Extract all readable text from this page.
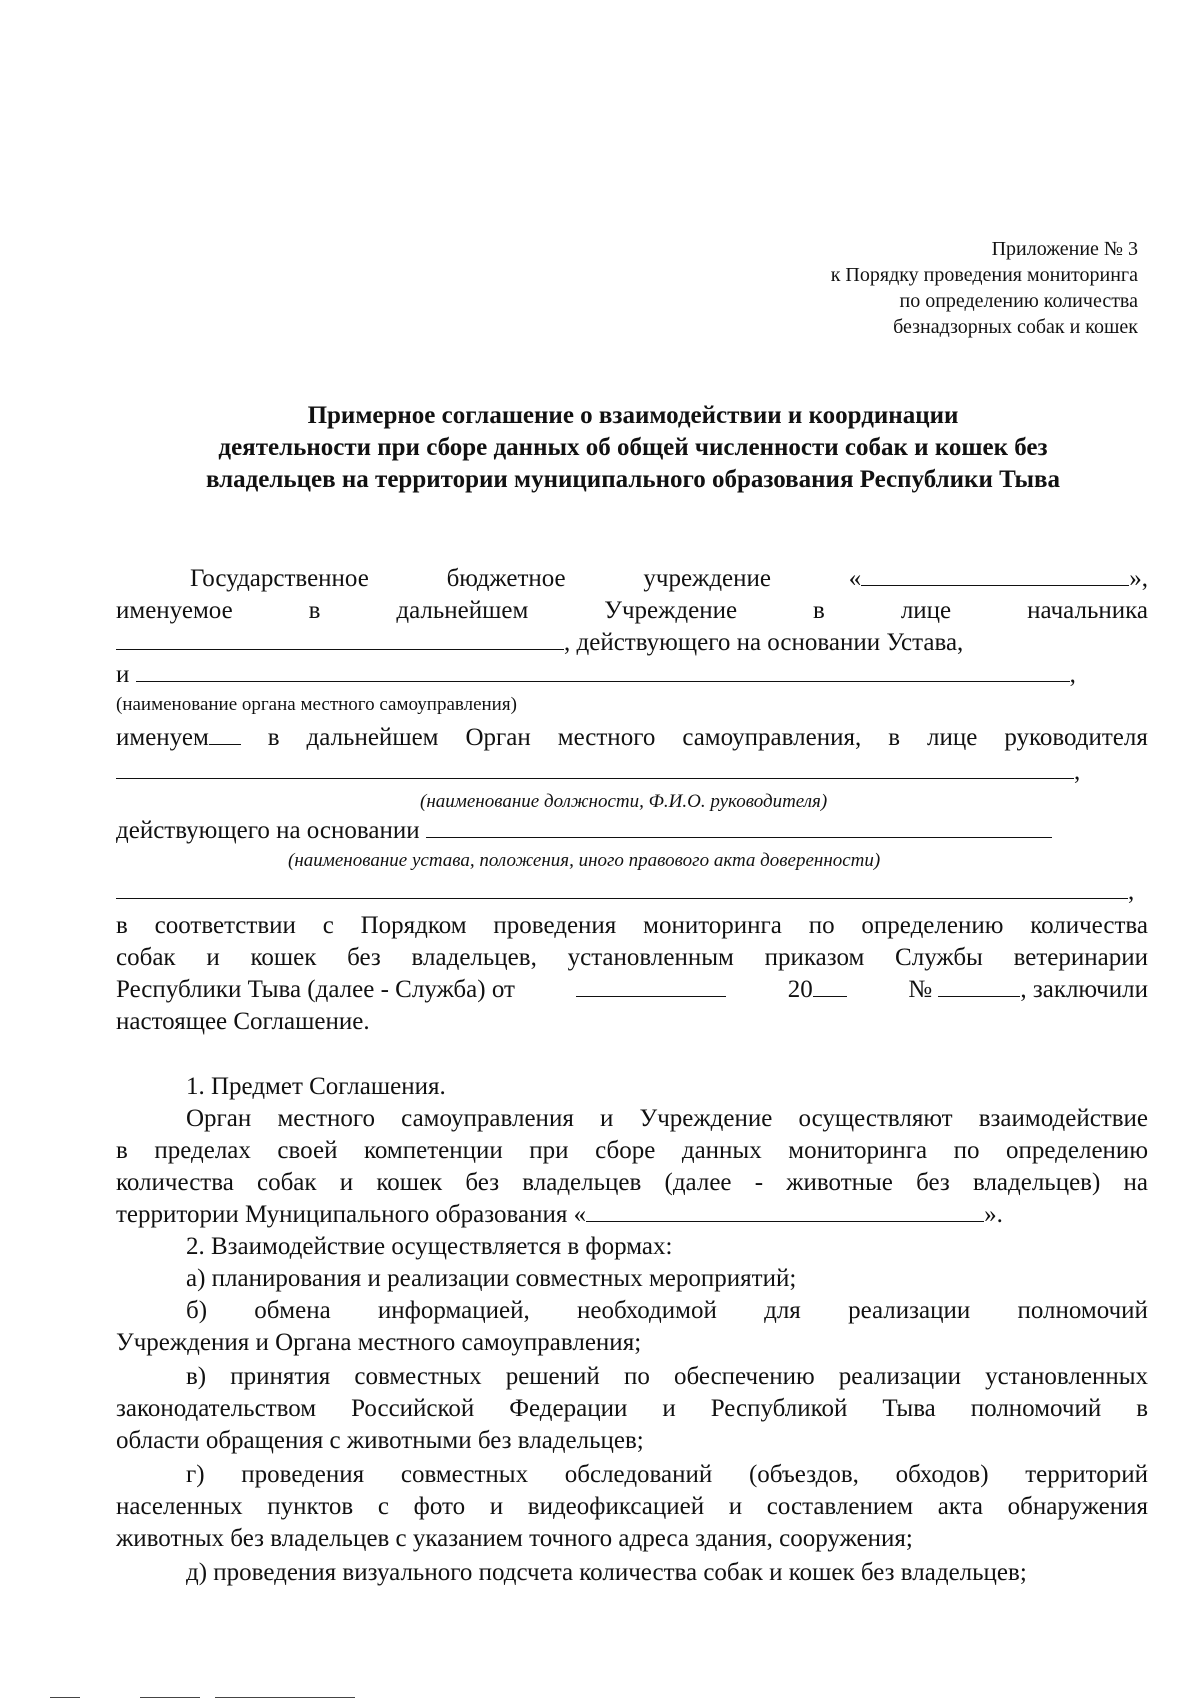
Приложение № 3
к Порядку проведения мониторинга
по определению количества
безнадзорных собак и кошек
Примерное соглашение о взаимодействии и координации
деятельности при сборе данных об общей численности собак и кошек без
владельцев на территории муниципального образования Республики Тыва
Государственное	бюджетное	учреждение	«	»,
именуемое	в	дальнейшем	Учреждение	в	лице	начальника
, действующего на основании Устава,
и	,
(наименование органа местного самоуправления)
именуем	в дальнейшем Орган местного самоуправления, в лице руководителя
,
(наименование должности, Ф.И.О. руководителя)
действующего на основании
(наименование устава, положения, иного правового акта доверенности)
,
в соответствии с Порядком проведения мониторинга по определению количества
собак и кошек без владельцев, установленным приказом Службы ветеринарии
Республики Тыва (далее - Служба) от	20	№	, заключили
настоящее Соглашение.
1. Предмет Соглашения.
Орган местного самоуправления и Учреждение осуществляют взаимодействие
в пределах своей компетенции при сборе данных мониторинга по определению
количества собак и кошек без владельцев (далее - животные без владельцев) на
территории Муниципального образования «	».
2. Взаимодействие осуществляется в формах:
а) планирования и реализации совместных мероприятий;
б) обмена информацией, необходимой для реализации полномочий
Учреждения и Органа местного самоуправления;
в) принятия совместных решений по обеспечению реализации установленных
законодательством Российской Федерации и Республикой Тыва полномочий в
области обращения с животными без владельцев;
г) проведения совместных обследований (объездов, обходов) территорий
населенных пунктов с фото и видеофиксацией и составлением акта обнаружения
животных без владельцев с указанием точного адреса здания, сооружения;
д) проведения визуального подсчета количества собак и кошек без владельцев;
